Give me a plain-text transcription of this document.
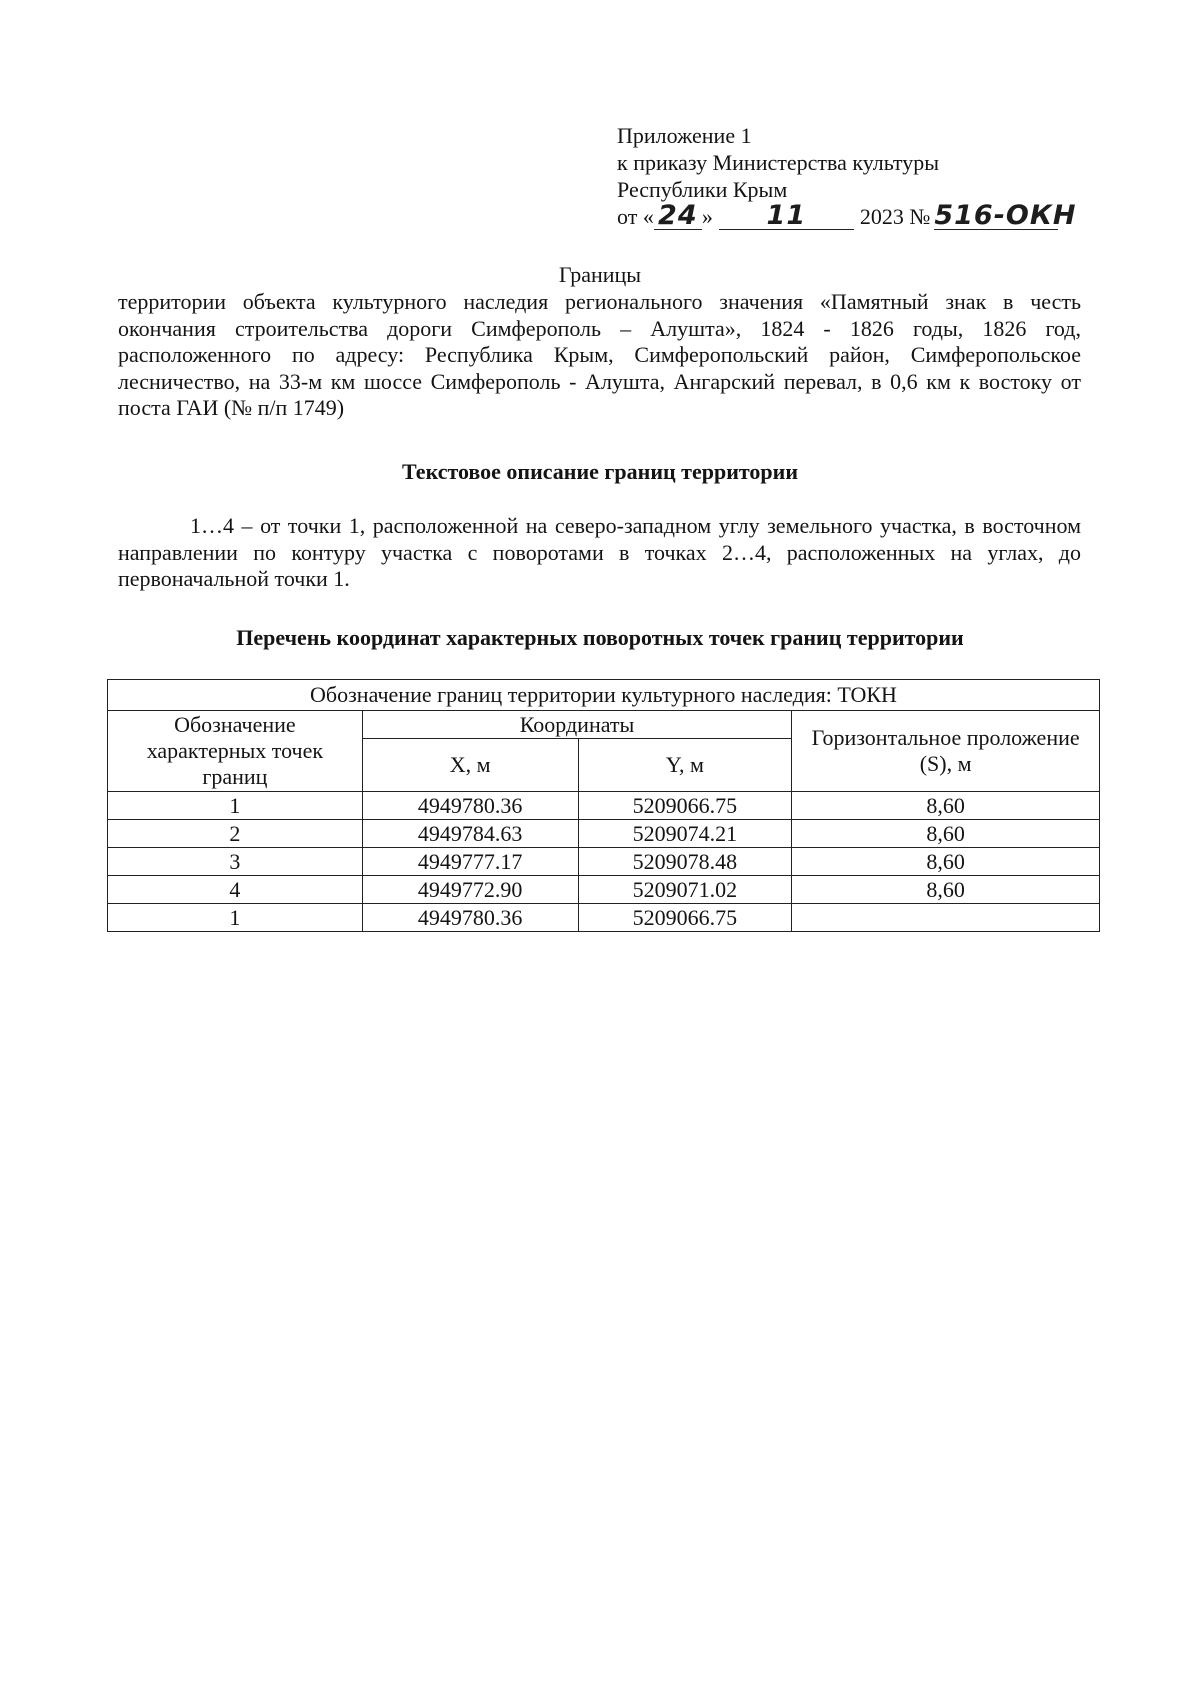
Приложение 1
к приказу Министерства культуры
Республики Крым
от « 24 » 11 2023 № 516-ОКН
Границы
территории объекта культурного наследия регионального значения «Памятный знак в честь окончания строительства дороги Симферополь – Алушта», 1824 - 1826 годы, 1826 год, расположенного по адресу: Республика Крым, Симферопольский район, Симферопольское лесничество, на 33-м км шоссе Симферополь - Алушта, Ангарский перевал, в 0,6 км к востоку от поста ГАИ (№ п/п 1749)
Текстовое описание границ территории
1…4 – от точки 1, расположенной на северо-западном углу земельного участка, в восточном направлении по контуру участка с поворотами в точках 2…4, расположенных на углах, до первоначальной точки 1.
Перечень координат характерных поворотных точек границ территории
Обозначение границ территории культурного наследия: ТОКН			
Обозначение характерных точек границ	Координаты		Горизонтальное проложение (S), м
	X, м	Y, м	
1	4949780.36	5209066.75	8,60
2	4949784.63	5209074.21	8,60
3	4949777.17	5209078.48	8,60
4	4949772.90	5209071.02	8,60
1	4949780.36	5209066.75	
